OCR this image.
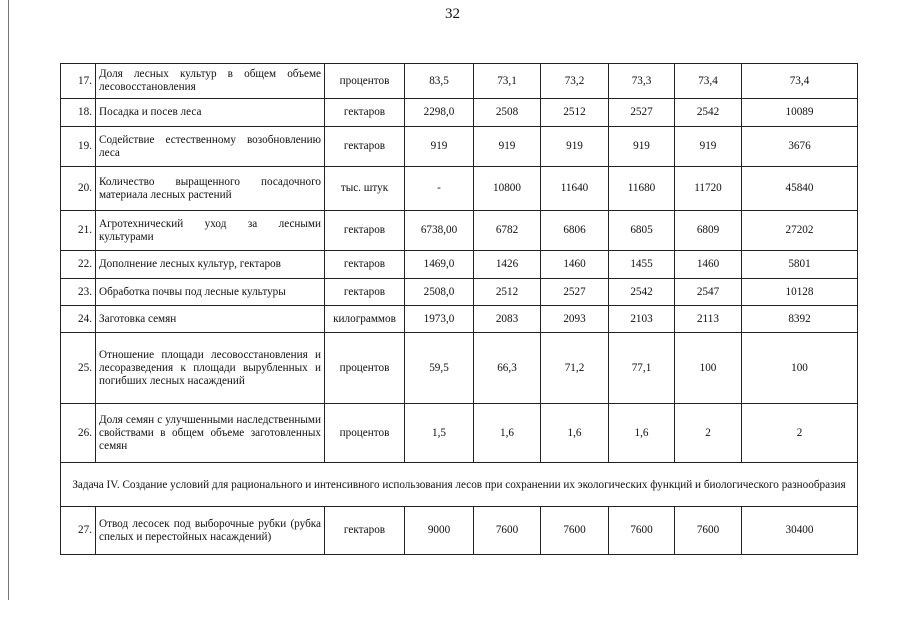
32
17.	Доля лесных культур в общем объеме лесовосстановления	процентов	83,5	73,1	73,2	73,3	73,4	73,4
18.	Посадка и посев леса	гектаров	2298,0	2508	2512	2527	2542	10089
19.	Содействие естественному возобновлению леса	гектаров	919	919	919	919	919	3676
20.	Количество выращенного посадочного материала лесных растений	тыс. штук	-	10800	11640	11680	11720	45840
21.	Агротехнический уход за лесными культурами	гектаров	6738,00	6782	6806	6805	6809	27202
22.	Дополнение лесных культур, гектаров	гектаров	1469,0	1426	1460	1455	1460	5801
23.	Обработка почвы под лесные культуры	гектаров	2508,0	2512	2527	2542	2547	10128
24.	Заготовка семян	килограммов	1973,0	2083	2093	2103	2113	8392
25.	Отношение площади лесовосстановления и лесоразведения к площади вырубленных и погибших лесных насаждений	процентов	59,5	66,3	71,2	77,1	100	100
26.	Доля семян с улучшенными наследственными свойствами в общем объеме заготовленных семян	процентов	1,5	1,6	1,6	1,6	2	2
Задача IV. Создание условий для рационального и интенсивного использования лесов при сохранении их экологических функций и биологического разнообразия								
27.	Отвод лесосек под выборочные рубки (рубка спелых и перестойных насаждений)	гектаров	9000	7600	7600	7600	7600	30400
